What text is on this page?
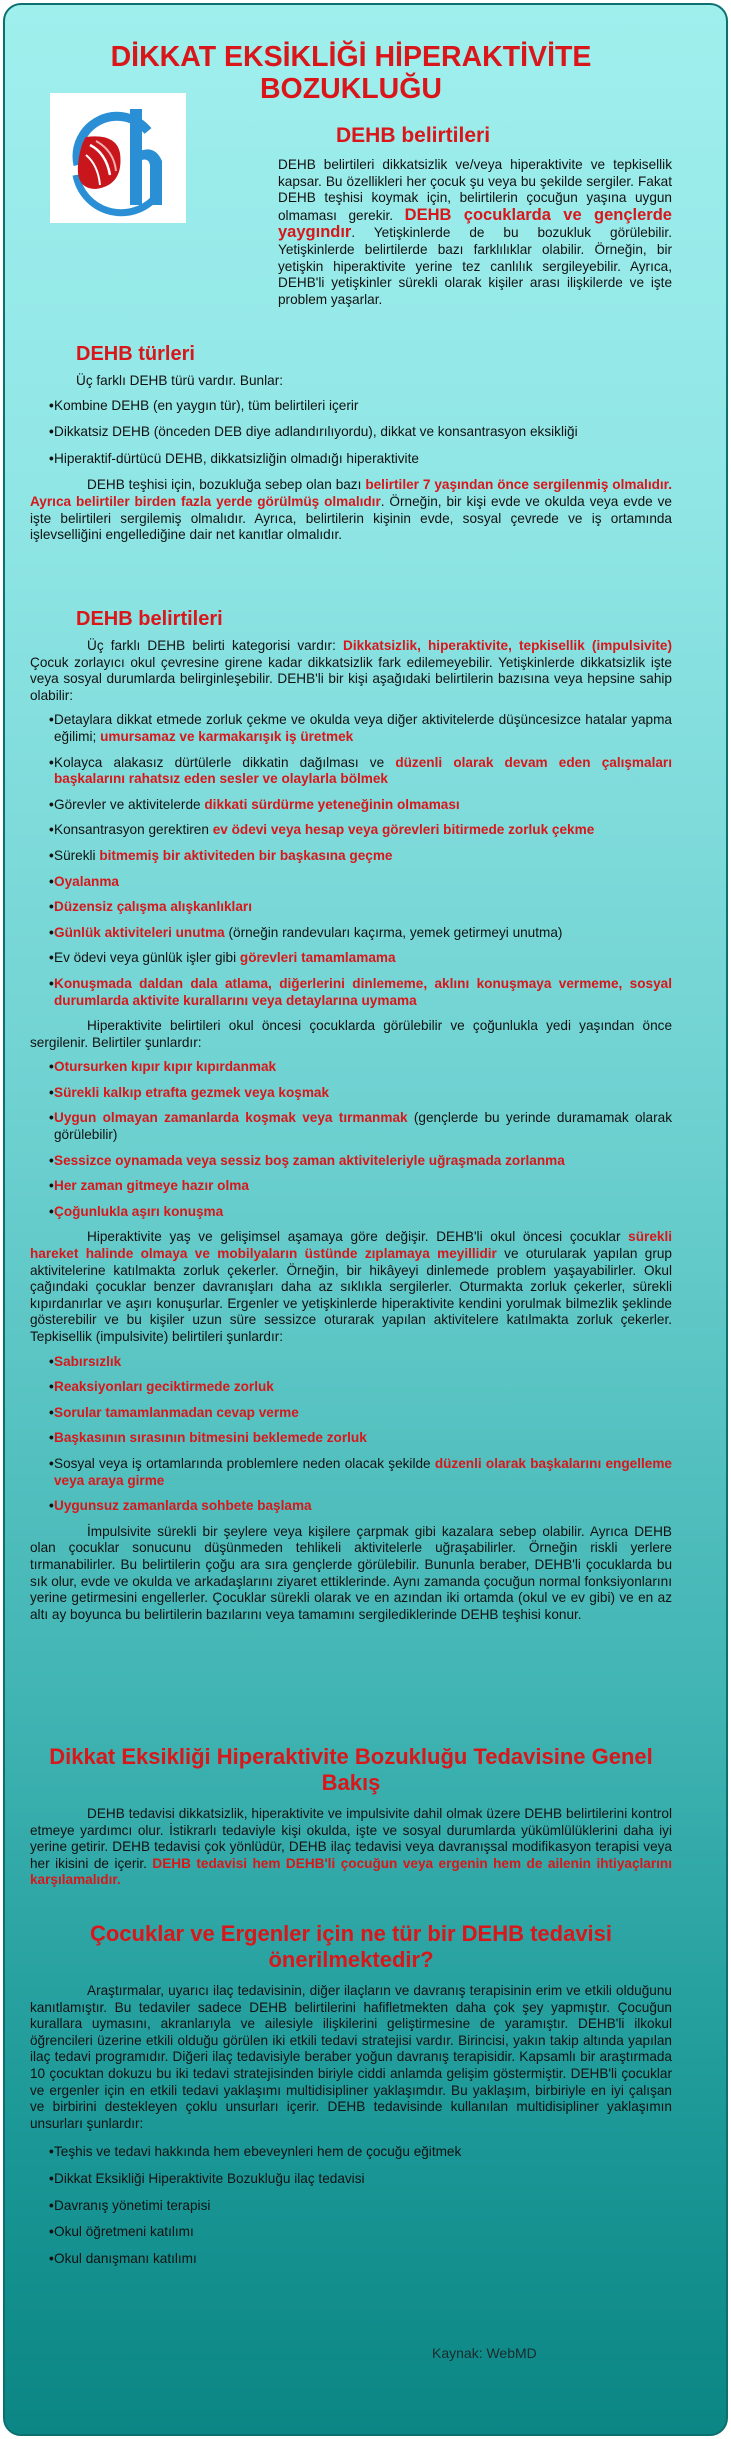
DİKKAT EKSİKLİĞİ HİPERAKTİVİTE BOZUKLUĞU
DEHB belirtileri

DEHB belirtileri dikkatsizlik ve/veya hiperaktivite ve tepkisellik kapsar. Bu özellikleri her çocuk şu veya bu şekilde sergiler. Fakat DEHB teşhisi koymak için, belirtilerin çocuğun yaşına uygun olmaması gerekir. DEHB çocuklarda ve gençlerde yaygındır. Yetişkinlerde de bu bozukluk görülebilir. Yetişkinlerde belirtilerde bazı farklılıklar olabilir. Örneğin, bir yetişkin hiperaktivite yerine tez canlılık sergileyebilir. Ayrıca, DEHB'li yetişkinler sürekli olarak kişiler arası ilişkilerde ve işte problem yaşarlar.

DEHB türleri

Üç farklı DEHB türü vardır. Bunlar:

• Kombine DEHB (en yaygın tür), tüm belirtileri içerir
• Dikkatsiz DEHB (önceden DEB diye adlandırılıyordu), dikkat ve konsantrasyon eksikliği
• Hiperaktif-dürtücü DEHB, dikkatsizliğin olmadığı hiperaktivite

DEHB teşhisi için, bozukluğa sebep olan bazı belirtiler 7 yaşından önce sergilenmiş olmalıdır. Ayrıca belirtiler birden fazla yerde görülmüş olmalıdır. Örneğin, bir kişi evde ve okulda veya evde ve işte belirtileri sergilemiş olmalıdır. Ayrıca, belirtilerin kişinin evde, sosyal çevrede ve iş ortamında işlevselliğini engellediğine dair net kanıtlar olmalıdır.

DEHB belirtileri

Üç farklı DEHB belirti kategorisi vardır: Dikkatsizlik, hiperaktivite, tepkisellik (impulsivite) Çocuk zorlayıcı okul çevresine girene kadar dikkatsizlik fark edilemeyebilir. Yetişkinlerde dikkatsizlik işte veya sosyal durumlarda belirginleşebilir. DEHB'li bir kişi aşağıdaki belirtilerin bazısına veya hepsine sahip olabilir:

• Detaylara dikkat etmede zorluk çekme ve okulda veya diğer aktivitelerde düşüncesizce hatalar yapma eğilimi; umursamaz ve karmakarışık iş üretmek
• Kolayca alakasız dürtülerle dikkatin dağılması ve düzenli olarak devam eden çalışmaları başkalarını rahatsız eden sesler ve olaylarla bölmek
• Görevler ve aktivitelerde dikkati sürdürme yeteneğinin olmaması
• Konsantrasyon gerektiren ev ödevi veya hesap veya görevleri bitirmede zorluk çekme
• Sürekli bitmemiş bir aktiviteden bir başkasına geçme
• Oyalanma
• Düzensiz çalışma alışkanlıkları
• Günlük aktiviteleri unutma (örneğin randevuları kaçırma, yemek getirmeyi unutma)
• Ev ödevi veya günlük işler gibi görevleri tamamlamama
• Konuşmada daldan dala atlama, diğerlerini dinlememe, aklını konuşmaya vermeme, sosyal durumlarda aktivite kurallarını veya detaylarına uymama

Hiperaktivite belirtileri okul öncesi çocuklarda görülebilir ve çoğunlukla yedi yaşından önce sergilenir. Belirtiler şunlardır:

• Otursurken kıpır kıpır kıpırdanmak
• Sürekli kalkıp etrafta gezmek veya koşmak
• Uygun olmayan zamanlarda koşmak veya tırmanmak (gençlerde bu yerinde duramamak olarak görülebilir)
• Sessizce oynamada veya sessiz boş zaman aktiviteleriyle uğraşmada zorlanma
• Her zaman gitmeye hazır olma
• Çoğunlukla aşırı konuşma

Hiperaktivite yaş ve gelişimsel aşamaya göre değişir. DEHB'li okul öncesi çocuklar sürekli hareket halinde olmaya ve mobilyaların üstünde zıplamaya meyillidir ve oturularak yapılan grup aktivitelerine katılmakta zorluk çekerler. Örneğin, bir hikâyeyi dinlemede problem yaşayabilirler. Okul çağındaki çocuklar benzer davranışları daha az sıklıkla sergilerler. Oturmakta zorluk çekerler, sürekli kıpırdanırlar ve aşırı konuşurlar. Ergenler ve yetişkinlerde hiperaktivite kendini yorulmak bilmezlik şeklinde gösterebilir ve bu kişiler uzun süre sessizce oturarak yapılan aktivitelere katılmakta zorluk çekerler. Tepkisellik (impulsivite) belirtileri şunlardır:

• Sabırsızlık
• Reaksiyonları geciktirmede zorluk
• Sorular tamamlanmadan cevap verme
• Başkasının sırasının bitmesini beklemede zorluk
• Sosyal veya iş ortamlarında problemlere neden olacak şekilde düzenli olarak başkalarını engelleme veya araya girme
• Uygunsuz zamanlarda sohbete başlama

İmpulsivite sürekli bir şeylere veya kişilere çarpmak gibi kazalara sebep olabilir. Ayrıca DEHB olan çocuklar sonucunu düşünmeden tehlikeli aktivitelerle uğraşabilirler. Örneğin riskli yerlere tırmanabilirler. Bu belirtilerin çoğu ara sıra gençlerde görülebilir. Bununla beraber, DEHB'li çocuklarda bu sık olur, evde ve okulda ve arkadaşlarını ziyaret ettiklerinde. Aynı zamanda çocuğun normal fonksiyonlarını yerine getirmesini engellerler. Çocuklar sürekli olarak ve en azından iki ortamda (okul ve ev gibi) ve en az altı ay boyunca bu belirtilerin bazılarını veya tamamını sergilediklerinde DEHB teşhisi konur.

Dikkat Eksikliği Hiperaktivite Bozukluğu Tedavisine Genel Bakış

DEHB tedavisi dikkatsizlik, hiperaktivite ve impulsivite dahil olmak üzere DEHB belirtilerini kontrol etmeye yardımcı olur. İstikrarlı tedaviyle kişi okulda, işte ve sosyal durumlarda yükümlülüklerini daha iyi yerine getirir. DEHB tedavisi çok yönlüdür, DEHB ilaç tedavisi veya davranışsal modifikasyon terapisi veya her ikisini de içerir. DEHB tedavisi hem DEHB'li çocuğun veya ergenin hem de ailenin ihtiyaçlarını karşılamalıdır.

Çocuklar ve Ergenler için ne tür bir DEHB tedavisi önerilmektedir?

Araştırmalar, uyarıcı ilaç tedavisinin, diğer ilaçların ve davranış terapisinin erim ve etkili olduğunu kanıtlamıştır. Bu tedaviler sadece DEHB belirtilerini hafifletmekten daha çok şey yapmıştır. Çocuğun kurallara uymasını, akranlarıyla ve ailesiyle ilişkilerini geliştirmesine de yaramıştır. DEHB'li ilkokul öğrencileri üzerine etkili olduğu görülen iki etkili tedavi stratejisi vardır. Birincisi, yakın takip altında yapılan ilaç tedavi programıdır. Diğeri ilaç tedavisiyle beraber yoğun davranış terapisidir. Kapsamlı bir araştırmada 10 çocuktan dokuzu bu iki tedavi stratejisinden biriyle ciddi anlamda gelişim göstermiştir. DEHB'li çocuklar ve ergenler için en etkili tedavi yaklaşımı multidisipliner yaklaşımdır. Bu yaklaşım, birbiriyle en iyi çalışan ve birbirini destekleyen çoklu unsurları içerir. DEHB tedavisinde kullanılan multidisipliner yaklaşımın unsurları şunlardır:

• Teşhis ve tedavi hakkında hem ebeveynleri hem de çocuğu eğitmek
• Dikkat Eksikliği Hiperaktivite Bozukluğu ilaç tedavisi
• Davranış yönetimi terapisi
• Okul öğretmeni katılımı
• Okul danışmanı katılımı
Kaynak: WebMD
